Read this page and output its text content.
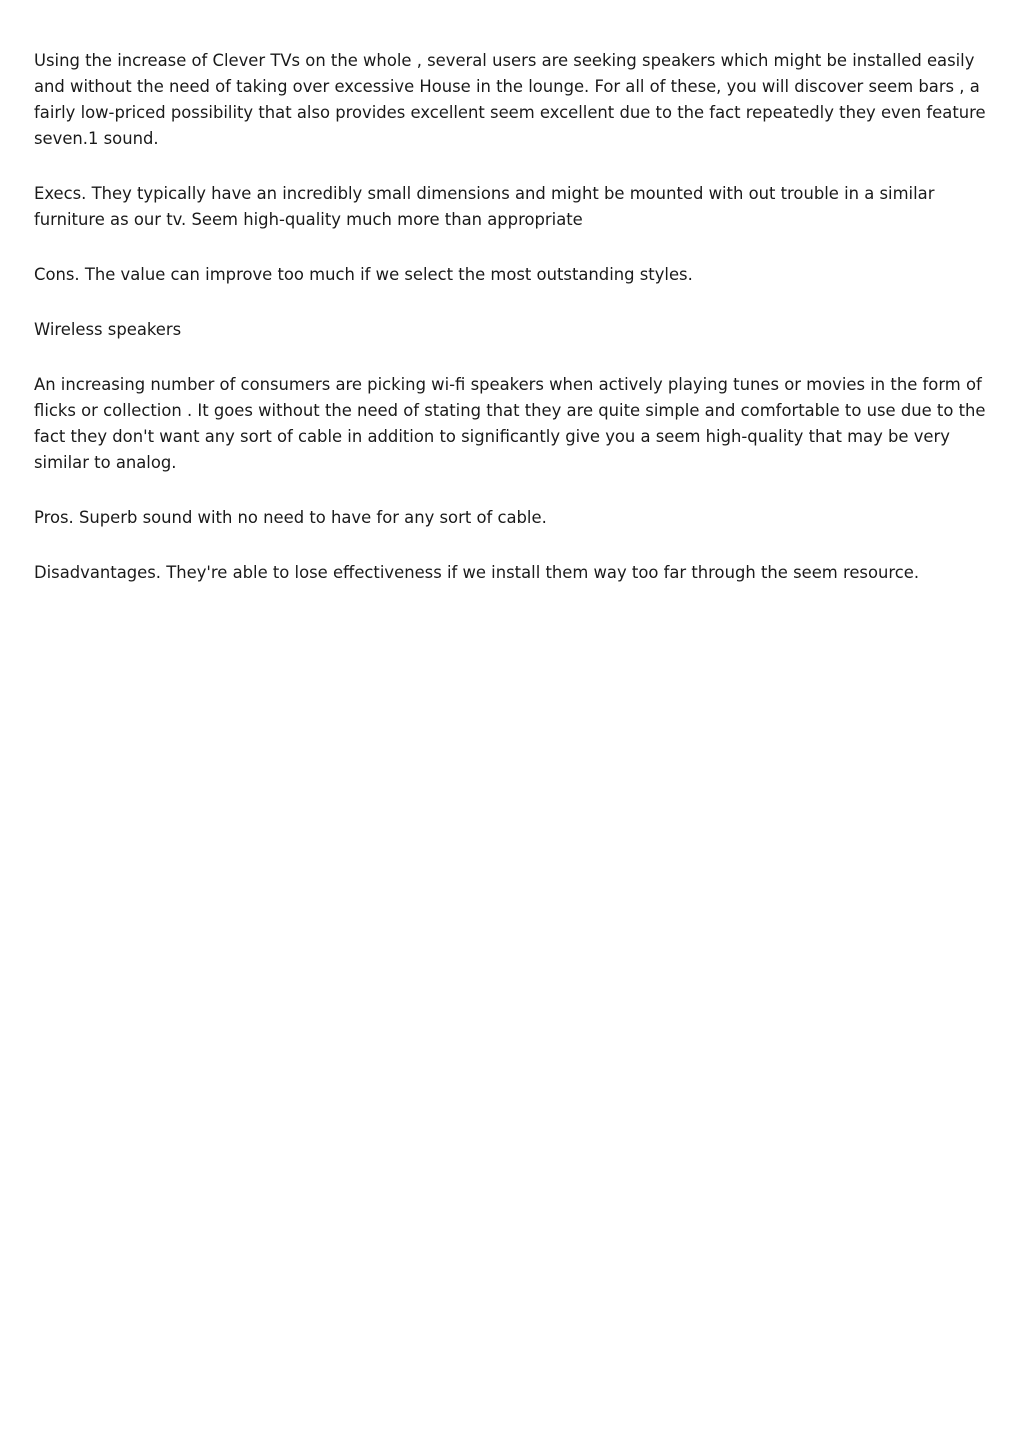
Using the increase of Clever TVs on the whole , several users are seeking speakers which might be installed easily and without the need of taking over excessive House in the lounge. For all of these, you will discover seem bars , a fairly low-priced possibility that also provides excellent seem excellent due to the fact repeatedly they even feature seven.1 sound.

Execs. They typically have an incredibly small dimensions and might be mounted with out trouble in a similar furniture as our tv. Seem high-quality much more than appropriate

Cons. The value can improve too much if we select the most outstanding styles.

Wireless speakers

An increasing number of consumers are picking wi-fi speakers when actively playing tunes or movies in the form of flicks or collection . It goes without the need of stating that they are quite simple and comfortable to use due to the fact they don't want any sort of cable in addition to significantly give you a seem high-quality that may be very similar to analog.

Pros. Superb sound with no need to have for any sort of cable.

Disadvantages. They're able to lose effectiveness if we install them way too far through the seem resource.
